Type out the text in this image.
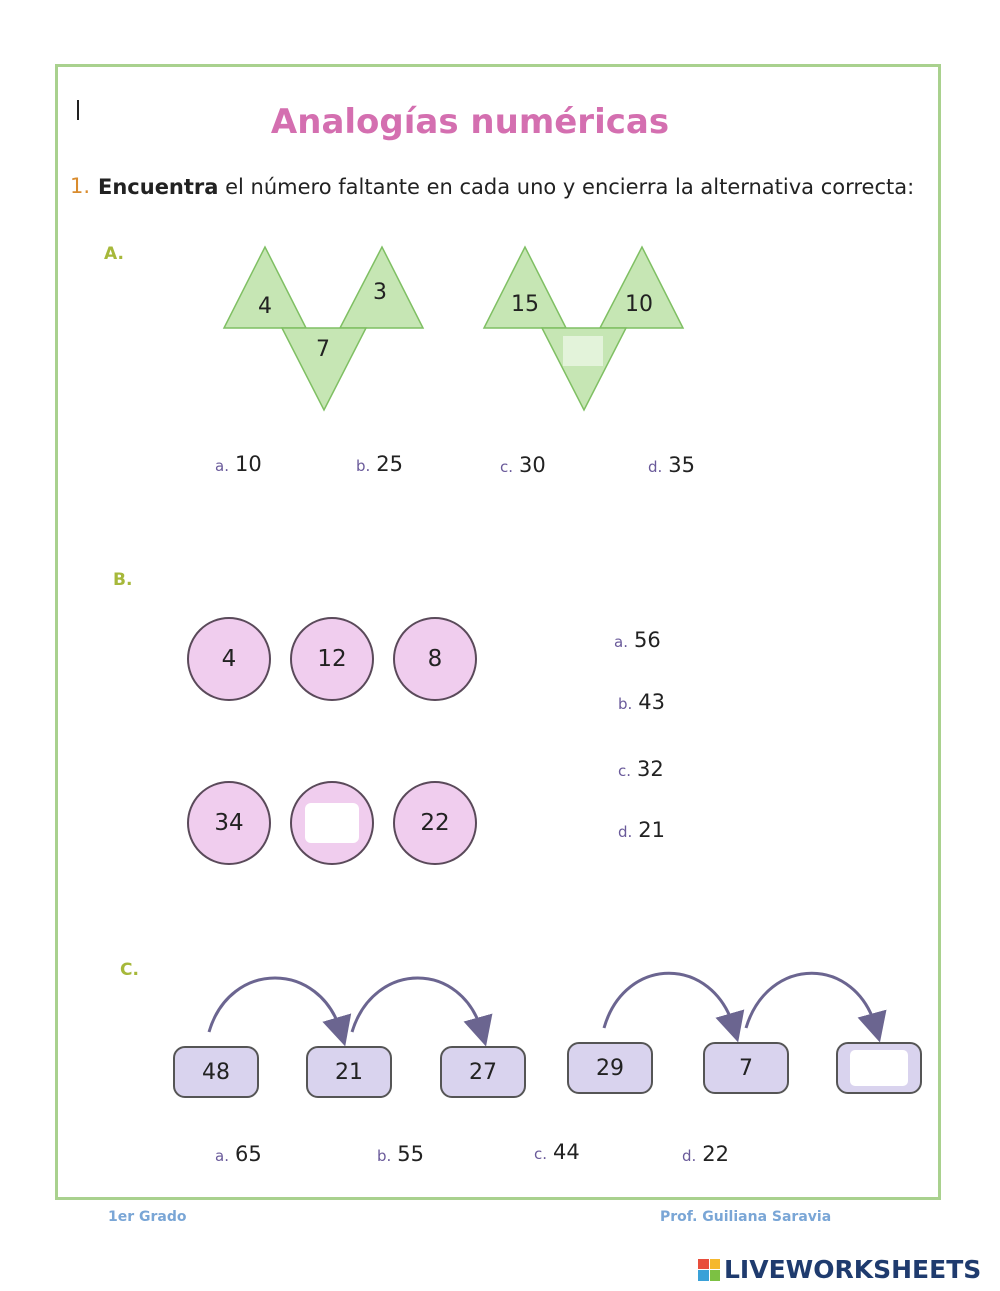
Analogías numéricas
1. Encuentra el número faltante en cada uno y encierra la alternativa correcta:
A.
4
3
7
15	10
a. 10	b. 25	c. 30	d. 35
B.
4	12	8
34	22
a. 56
b. 43
c. 32
d. 21
C.
48	21	27	29	7
a. 65	b. 55	c. 44	d. 22
1er Grado	Prof. Guiliana Saravia
LIVEWORKSHEETS
